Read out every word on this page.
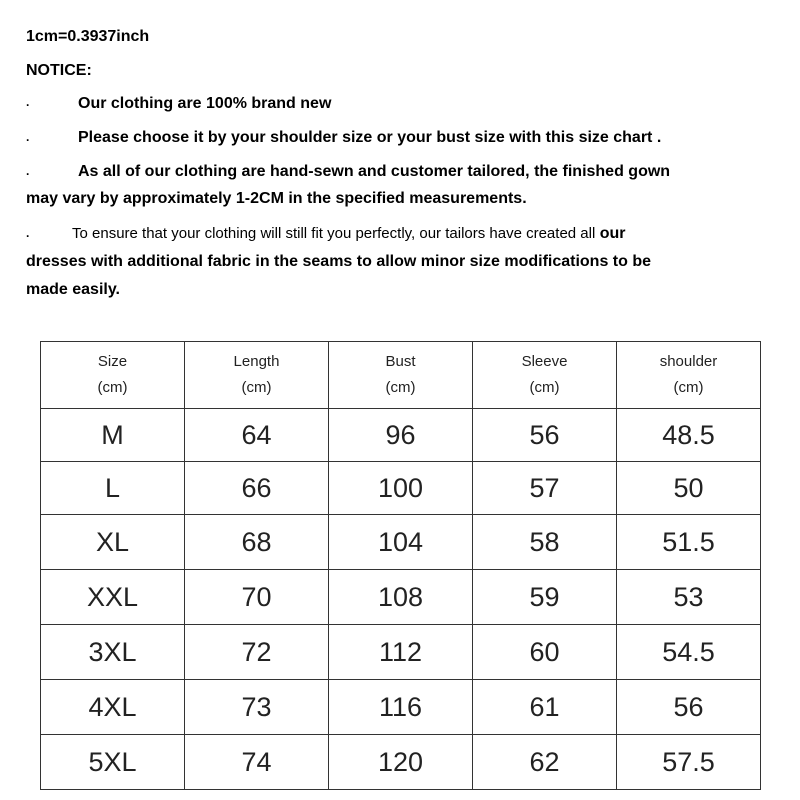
1cm=0.3937inch
NOTICE:
·	Our clothing are 100% brand new
·	Please choose it by your shoulder size or your bust size with this size chart .
·	As all of our clothing are hand-sewn and customer tailored, the finished gown
may vary by approximately 1-2CM in the specified measurements.
·	To ensure that your clothing will still fit you perfectly, our tailors have created all our
dresses with additional fabric in the seams to allow minor size modifications to be
made easily.
Size
(cm)	Length
(cm)	Bust
(cm)	Sleeve
(cm)	shoulder
(cm)
M	64	96	56	48.5
L	66	100	57	50
XL	68	104	58	51.5
XXL	70	108	59	53
3XL	72	112	60	54.5
4XL	73	116	61	56
5XL	74	120	62	57.5
